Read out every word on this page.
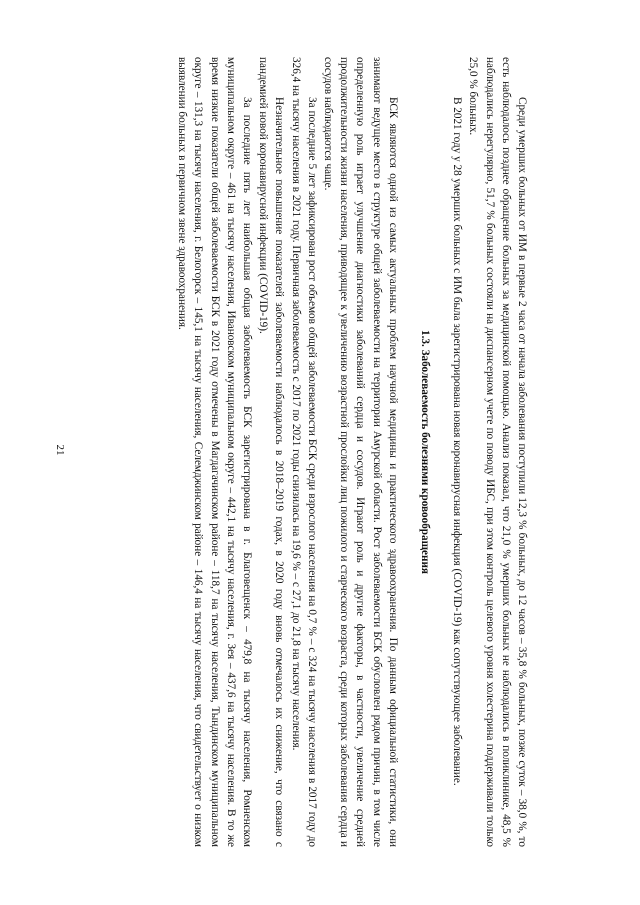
21	Среди умерших больных от ИМ в первые 2 часа от начала заболевания поступили 12,3 % больных, до 12 часов – 35,8 % больных, позже суток – 38,0 %, то есть наблюдалось позднее обращение больных за медицинской помощью. Анализ показал, что 21,0 % умерших больных не наблюдались в поликлинике, 48,5 % наблюдались нерегулярно, 51,7 % больных состояли на диспансерном учете по поводу ИБС, при этом контроль целевого уровня холестерина поддерживали только 25,0 % больных.

В 2021 году у 28 умерших больных с ИМ была зарегистрирована новая коронавирусная инфекция (COVID-19) как сопутствующее заболевание.

1.3. Заболеваемость болезнями кровообращения

БСК являются одной из самых актуальных проблем научной медицины и практического здравоохранения. По данным официальной статистики, они занимают ведущее место в структуре общей заболеваемости на территории Амурской области. Рост заболеваемости БСК обусловлен рядом причин, в том числе определенную роль играет улучшение диагностики заболеваний сердца и сосудов. Играют роль и другие факторы, в частности, увеличение средней продолжительности жизни населения, приводящее к увеличению возрастной прослойки лиц пожилого и старческого возраста, среди которых заболевания сердца и сосудов наблюдаются чаще.

За последние 5 лет зафиксирован рост объемов общей заболеваемости БСК среди взрослого населения на 0,7 % – с 324 на тысячу населения в 2017 году до 326,4 на тысячу населения в 2021 году. Первичная заболеваемость с 2017 по 2021 годы снизилась на 19,6 % – с 27,1 до 21,8 на тысячу населения.

Незначительное повышение показателей заболеваемости наблюдалось в 2018–2019 годах, в 2020 году вновь отмечалось их снижение, что связано с пандемией новой коронавирусной инфекции (COVID-19).

За последние пять лет наибольшая общая заболеваемость БСК зарегистрирована в г. Благовещенск – 479,8 на тысячу населения, Ромненском муниципальном округе – 461 на тысячу населения, Ивановском муниципальном округе – 442,1 на тысячу населения, г. Зея – 437,6 на тысячу населения. В то же время низкие показатели общей заболеваемости БСК в 2021 году отмечены в Магдагачинском районе – 118,7 на тысячу населения, Тындинском муниципальном округе – 131,3 на тысячу населения, г. Белогорск – 145,1 на тысячу населения, Селемджинском районе – 146,4 на тысячу населения, что свидетельствует о низком выявлении больных в первичном звене здравоохранения.
